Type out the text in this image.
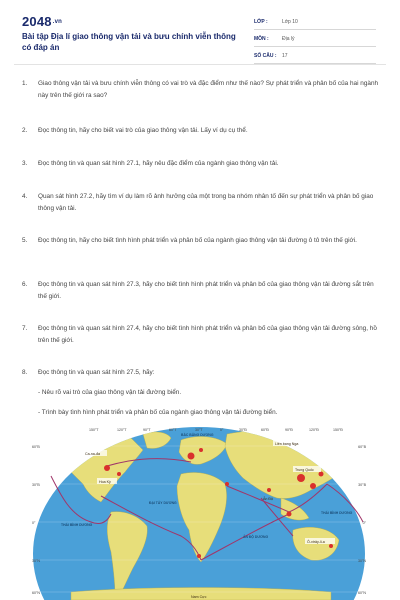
$2048^{.vn}$
Bài tập Địa lí giao thông vận tải và bưu chính viễn thông có đáp án
LỚP :	Lớp 10
MÔN :	Địa lý
SỐ CÂU : 17
1. Giao thông vận tải và bưu chính viễn thông có vai trò và đặc điểm như thế nào? Sự phát triển và phân bố của hai ngành này trên thế giới ra sao?
2. Đọc thông tin, hãy cho biết vai trò của giao thông vận tải. Lấy ví dụ cụ thể.
3. Đọc thông tin và quan sát hình 27.1, hãy nêu đặc điểm của ngành giao thông vận tải.
4. Quan sát hình 27.2, hãy tìm ví dụ làm rõ ảnh hưởng của một trong ba nhóm nhân tố đến sự phát triển và phân bố giao thông vận tải.
5. Đọc thông tin, hãy cho biết tình hình phát triển và phân bố của ngành giao thông vận tải đường ô tô trên thế giới.
6. Đọc thông tin và quan sát hình 27.3, hãy cho biết tình hình phát triển và phân bố của giao thông vận tải đường sắt trên thế giới.
7. Đọc thông tin và quan sát hình 27.4, hãy cho biết tình hình phát triển và phân bố của giao thông vận tải đường sông, hồ trên thế giới.
8. Đọc thông tin và quan sát hình 27.5, hãy:
- Nêu rõ vai trò của giao thông vận tải đường biển.
- Trình bày tình hình phát triển và phân bố của ngành giao thông vận tải đường biển.
150°T	120°T	90°T	60°T	30°T	0°	30°Đ	60°Đ	90°Đ	120°Đ	150°Đ
60°B
30°B
0°
30°N
60°N
60°B
30°B
0°
30°N
60°N
BẮC BĂNG DƯƠNG
THÁI BÌNH DƯƠNG
ĐẠI TÂY DƯƠNG
ẤN ĐỘ DƯƠNG
THÁI BÌNH DƯƠNG
Ca-na-đa
Hoa Kỳ
Liên bang Nga
Trung Quốc
Ấn Độ
Ô-xtrây-li-a
Nam Cực
